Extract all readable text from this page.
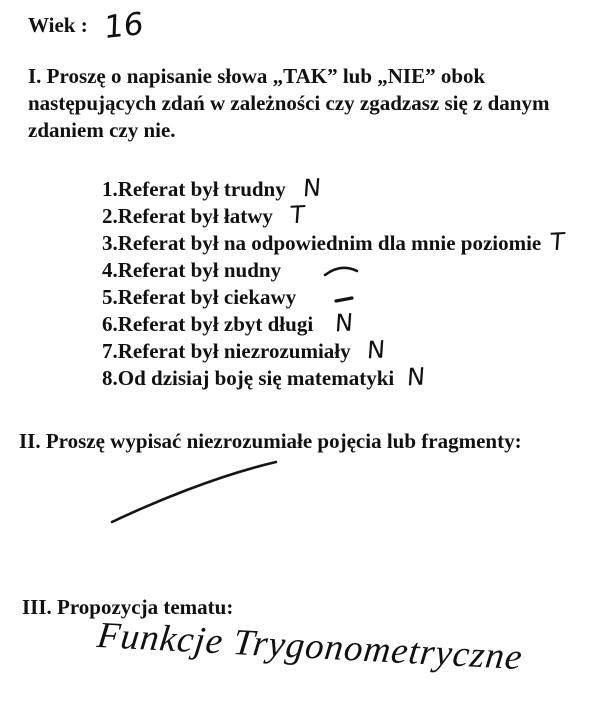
Wiek : 16

I. Proszę o napisanie słowa „TAK” lub „NIE” obok
następujących zdań w zależności czy zgadzasz się z danym
zdaniem czy nie.

1.Referat był trudny N
2.Referat był łatwy T
3.Referat był na odpowiednim dla mnie poziomie T
4.Referat był nudny
5.Referat był ciekawy
6.Referat był zbyt długi N
7.Referat był niezrozumiały N
8.Od dzisiaj boję się matematyki N

II. Proszę wypisać niezrozumiałe pojęcia lub fragmenty:

III. Propozycja tematu:

Funkcje Trygonometryczne
